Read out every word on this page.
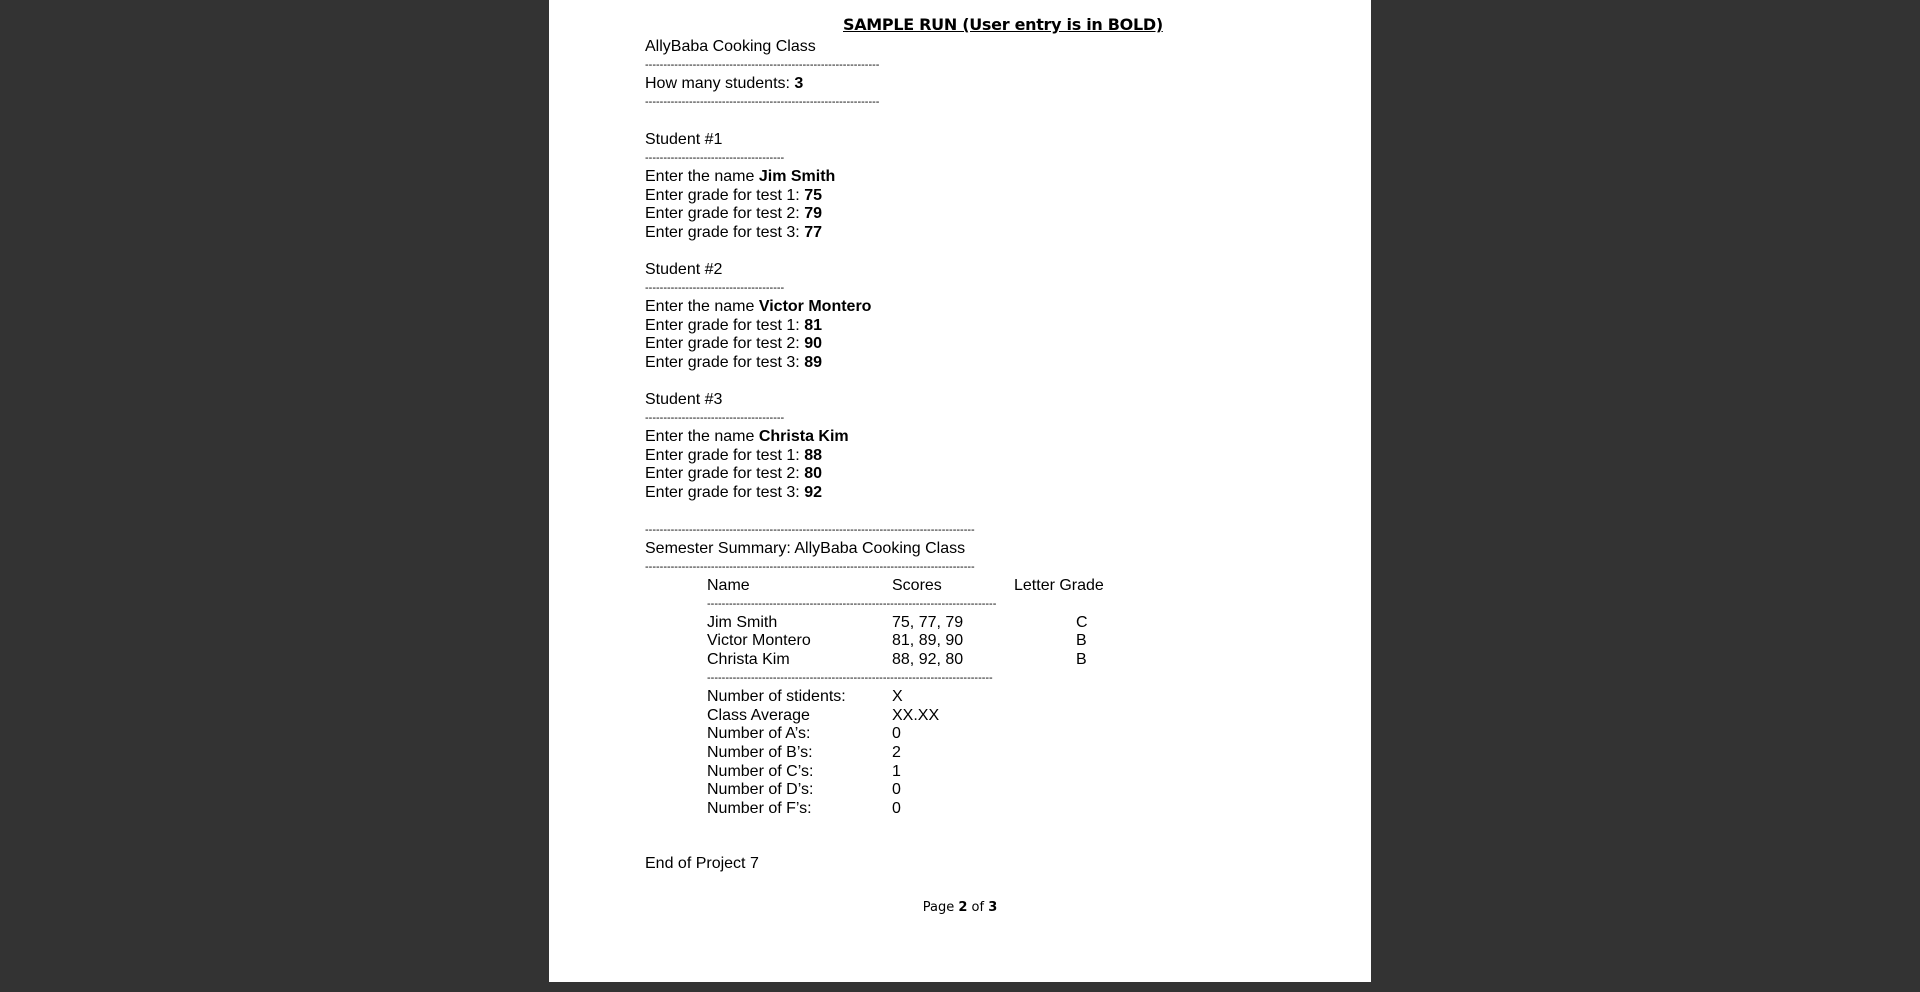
SAMPLE RUN (User entry is in BOLD)
AllyBaba Cooking Class
----------------------------------------------------------------
How many students: 3
----------------------------------------------------------------
Student #1
--------------------------------------
Enter the name Jim Smith
Enter grade for test 1: 75
Enter grade for test 2: 79
Enter grade for test 3: 77
Student #2
--------------------------------------
Enter the name Victor Montero
Enter grade for test 1: 81
Enter grade for test 2: 90
Enter grade for test 3: 89
Student #3
--------------------------------------
Enter the name Christa Kim
Enter grade for test 1: 88
Enter grade for test 2: 80
Enter grade for test 3: 92
------------------------------------------------------------------------------------------
Semester Summary: AllyBaba Cooking Class
------------------------------------------------------------------------------------------
Name	Scores	Letter Grade
-------------------------------------------------------------------------------
Jim Smith	75, 77, 79	C
Victor Montero	81, 89, 90	B
Christa Kim	88, 92, 80	B
------------------------------------------------------------------------------
Number of stidents:	X
Class Average	XX.XX
Number of A’s:	0
Number of B’s:	2
Number of C’s:	1
Number of D’s:	0
Number of F’s:	0
End of Project 7
Page 2 of 3
